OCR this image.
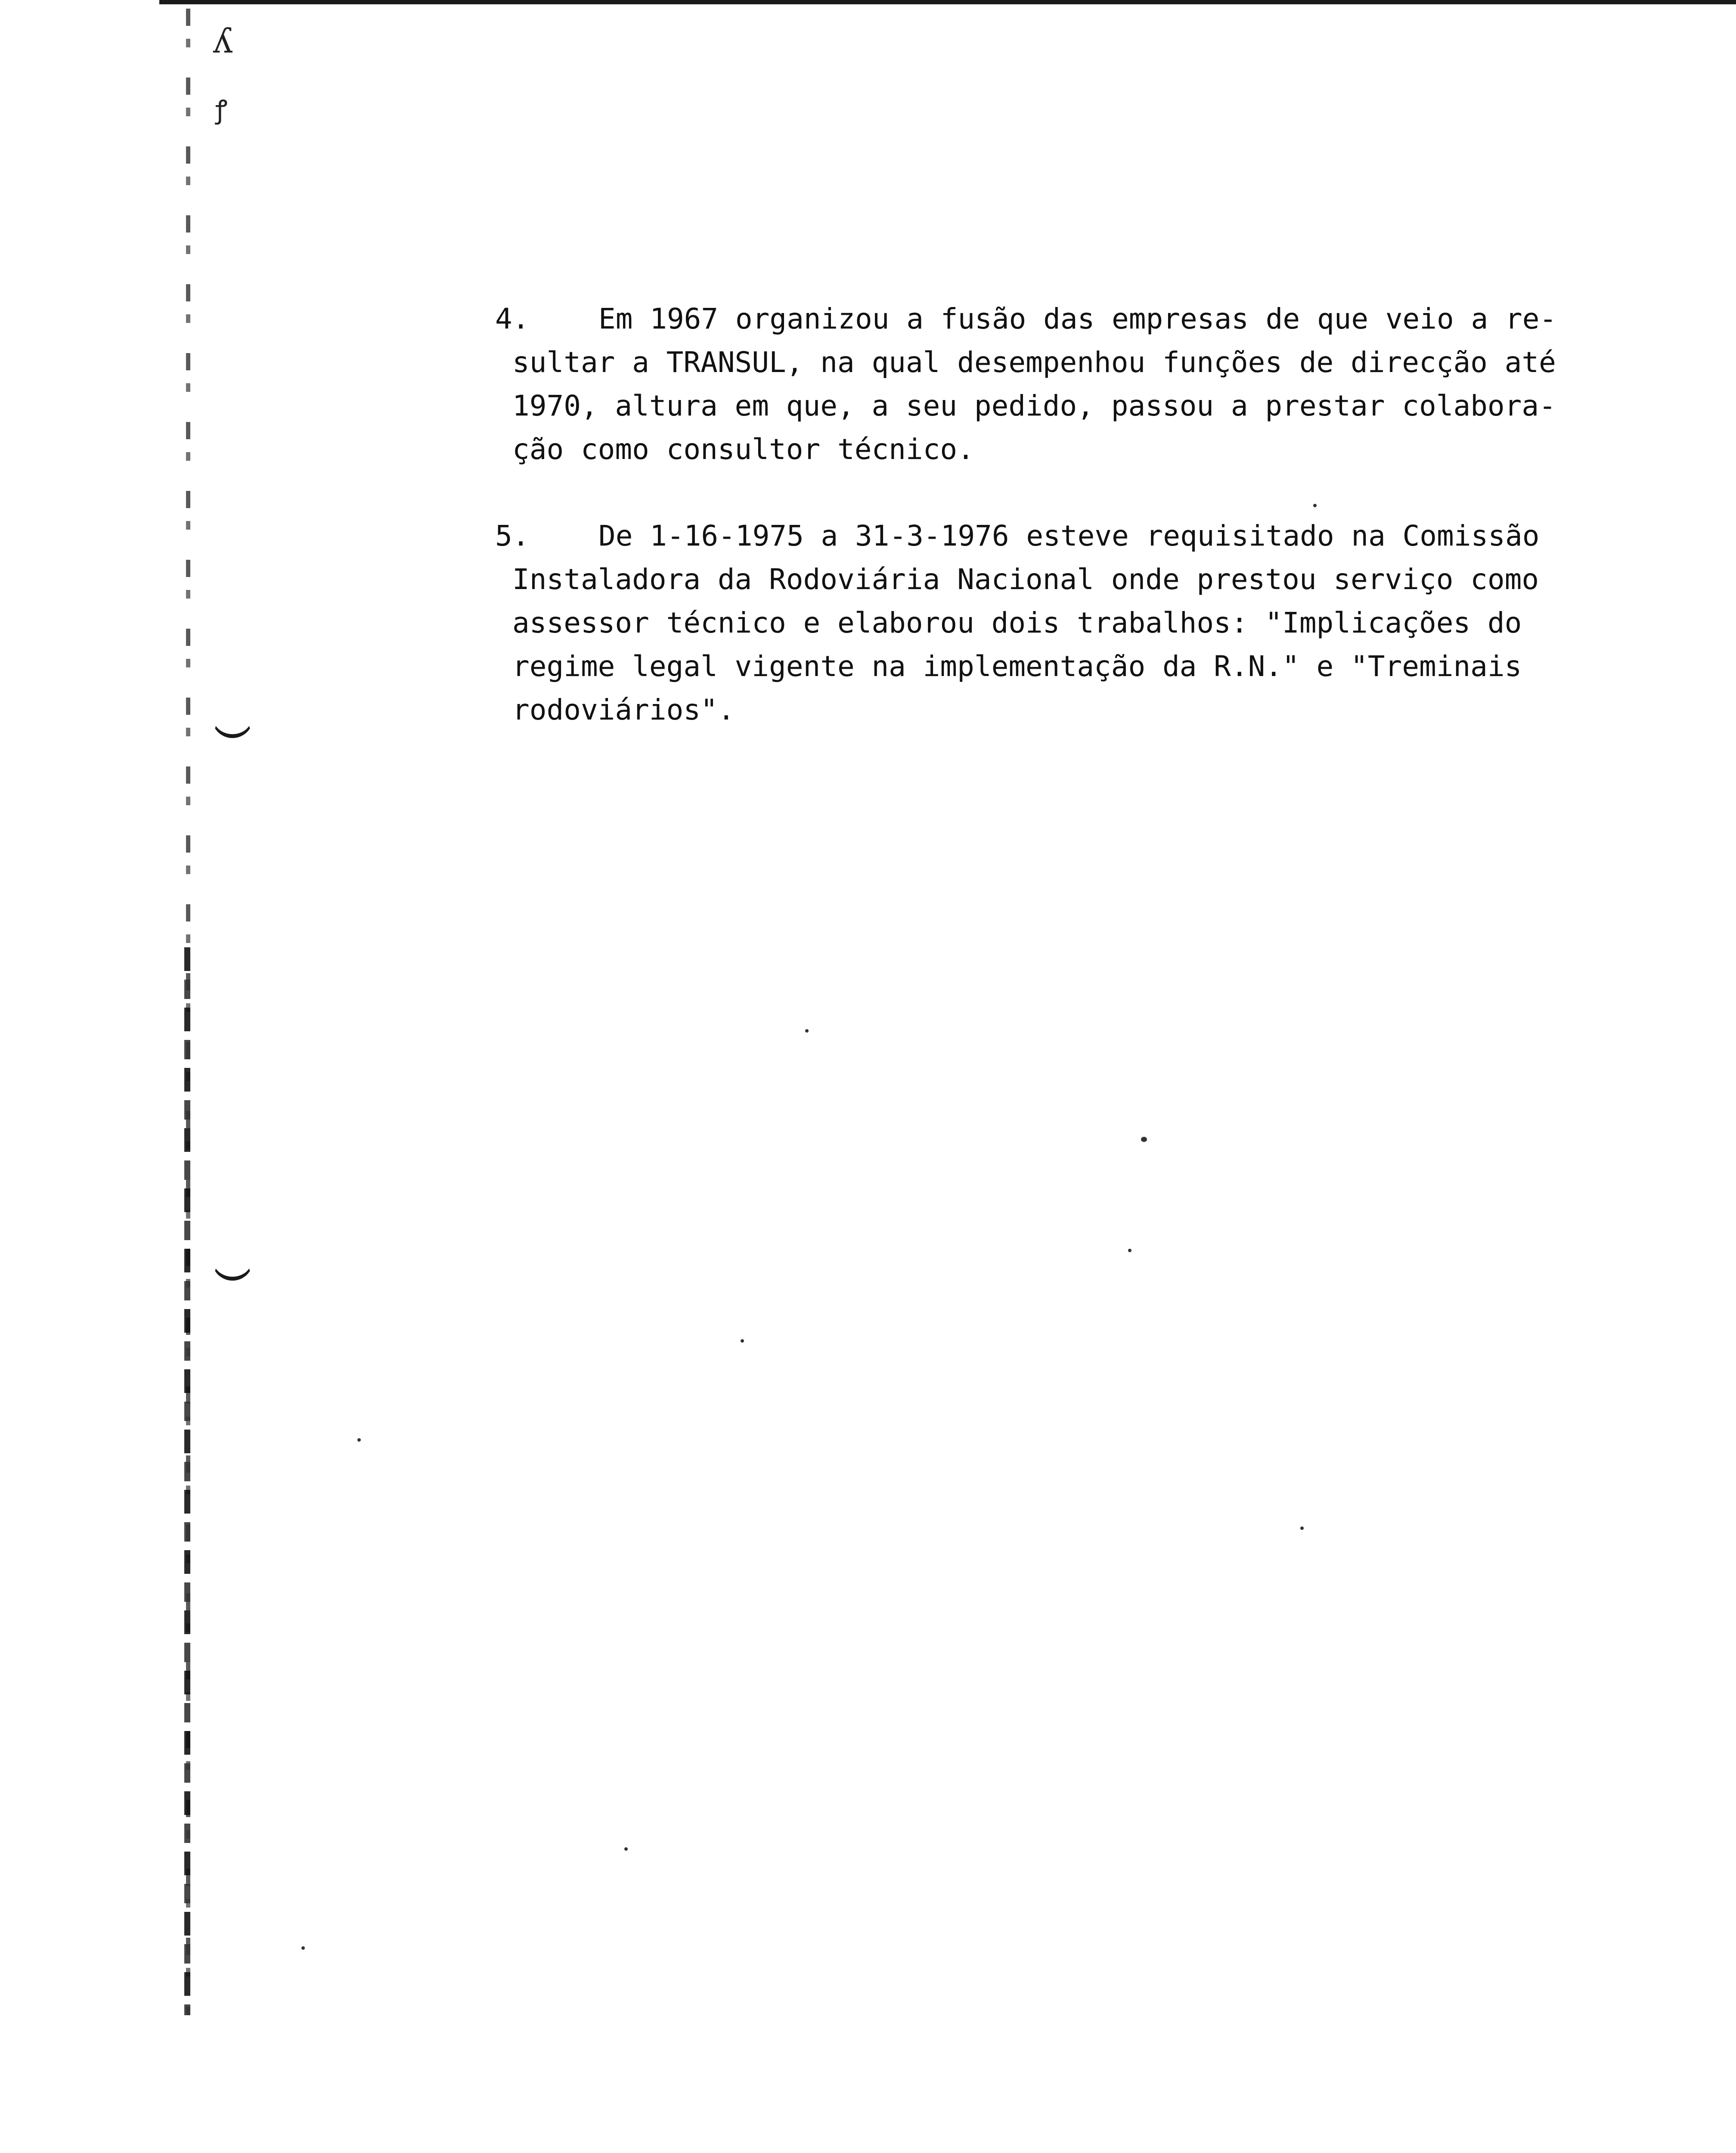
ʎ
ꝭ
4.	Em 1967 organizou a fusão das empresas de que veio a re-
sultar a TRANSUL, na qual desempenhou funções de direcção até
1970, altura em que, a seu pedido, passou a prestar colabora-
ção como consultor técnico.
5.	De 1-16-1975 a 31-3-1976 esteve requisitado na Comissão
Instaladora da Rodoviária Nacional onde prestou serviço como
assessor técnico e elaborou dois trabalhos: "Implicações do
regime legal vigente na implementação da R.N." e "Treminais
rodoviários".
